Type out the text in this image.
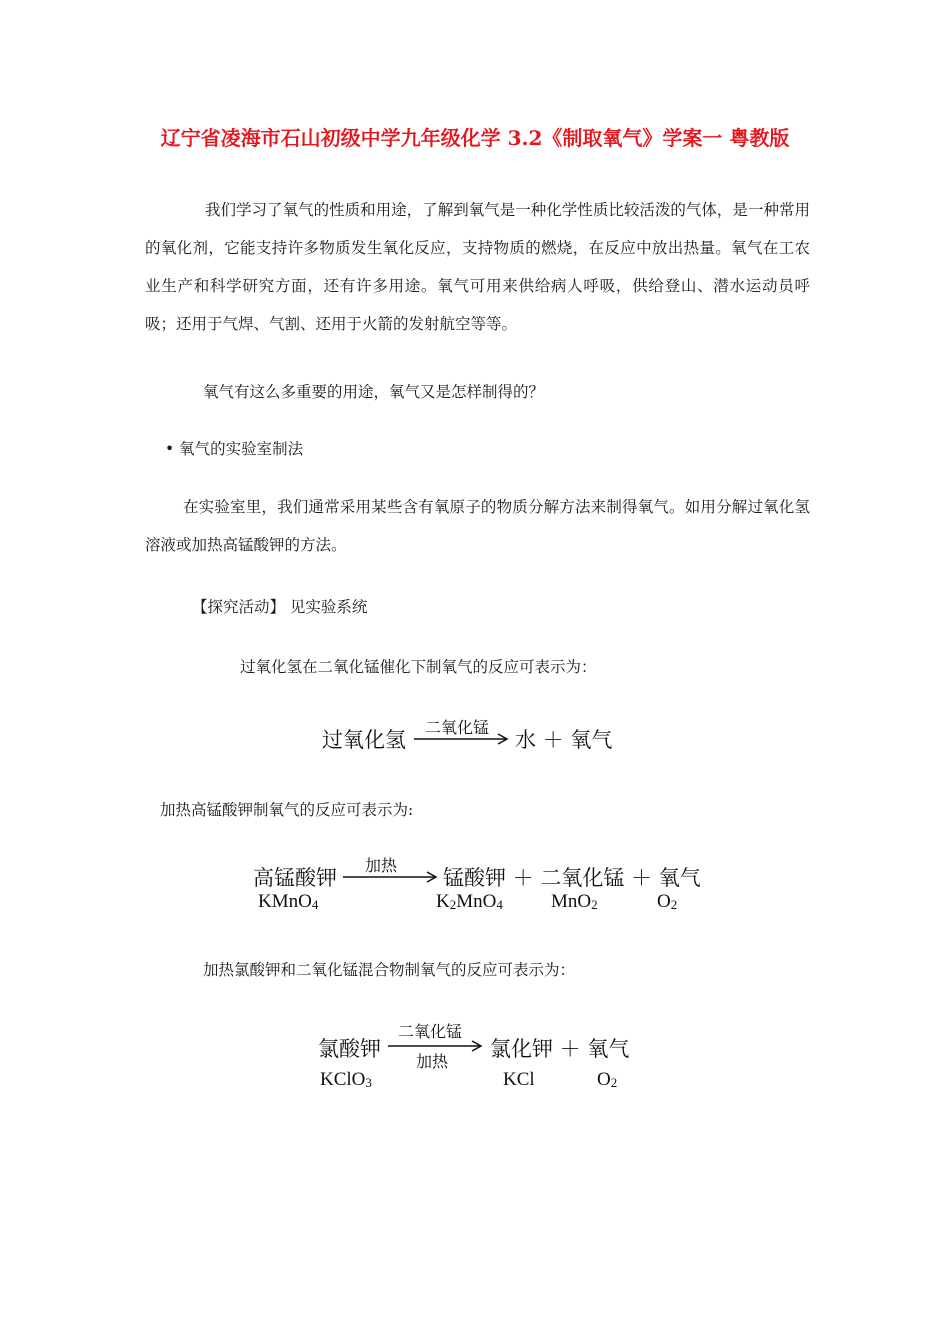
辽宁省凌海市石山初级中学九年级化学 3.2《制取氧气》学案一 粤教版
我们学习了氧气的性质和用途，了解到氧气是一种化学性质比较活泼的气体，是一种常用的氧化剂，它能支持许多物质发生氧化反应，支持物质的燃烧，在反应中放出热量。氧气在工农业生产和科学研究方面，还有许多用途。氧气可用来供给病人呼吸，供给登山、潜水运动员呼吸；还用于气焊、气割、还用于火箭的发射航空等等。
氧气有这么多重要的用途，氧气又是怎样制得的？
• 氧气的实验室制法
在实验室里，我们通常采用某些含有氧原子的物质分解方法来制得氧气。如用分解过氧化氢溶液或加热高锰酸钾的方法。
【探究活动】 见实验系统
过氧化氢在二氧化锰催化下制氧气的反应可表示为：
过氧化氢
二氧化锰
水 ＋ 氧气
加热高锰酸钾制氧气的反应可表示为:
高锰酸钾
加热
锰酸钾 ＋ 二氧化锰 ＋ 氧气
KMnO4	K2MnO4	MnO2	O2
加热氯酸钾和二氧化锰混合物制氧气的反应可表示为：
氯酸钾
二氧化锰
加热
氯化钾 ＋ 氧气
KClO3	KCl	O2
